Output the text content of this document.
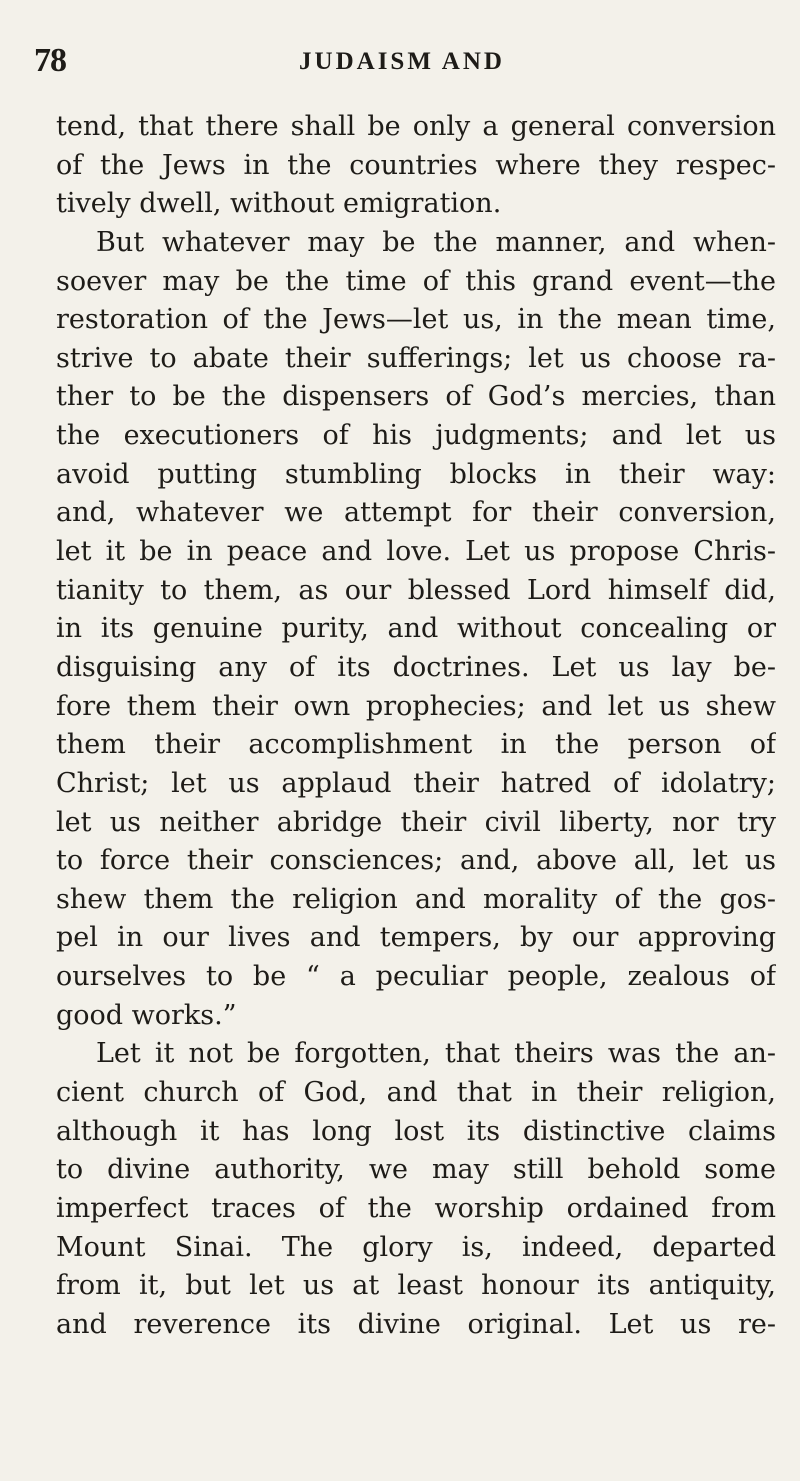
78	JUDAISM AND
tend, that there shall be only a general conversion
of the Jews in the countries where they respec-
tively dwell, without emigration.
But whatever may be the manner, and when-
soever may be the time of this grand event—the
restoration of the Jews—let us, in the mean time,
strive to abate their sufferings; let us choose ra-
ther to be the dispensers of God’s mercies, than
the executioners of his judgments; and let us
avoid putting stumbling blocks in their way:
and, whatever we attempt for their conversion,
let it be in peace and love. Let us propose Chris-
tianity to them, as our blessed Lord himself did,
in its genuine purity, and without concealing or
disguising any of its doctrines. Let us lay be-
fore them their own prophecies; and let us shew
them their accomplishment in the person of
Christ; let us applaud their hatred of idolatry;
let us neither abridge their civil liberty, nor try
to force their consciences; and, above all, let us
shew them the religion and morality of the gos-
pel in our lives and tempers, by our approving
ourselves to be “ a peculiar people, zealous of
good works.”
Let it not be forgotten, that theirs was the an-
cient church of God, and that in their religion,
although it has long lost its distinctive claims
to divine authority, we may still behold some
imperfect traces of the worship ordained from
Mount Sinai. The glory is, indeed, departed
from it, but let us at least honour its antiquity,
and reverence its divine original. Let us re-
